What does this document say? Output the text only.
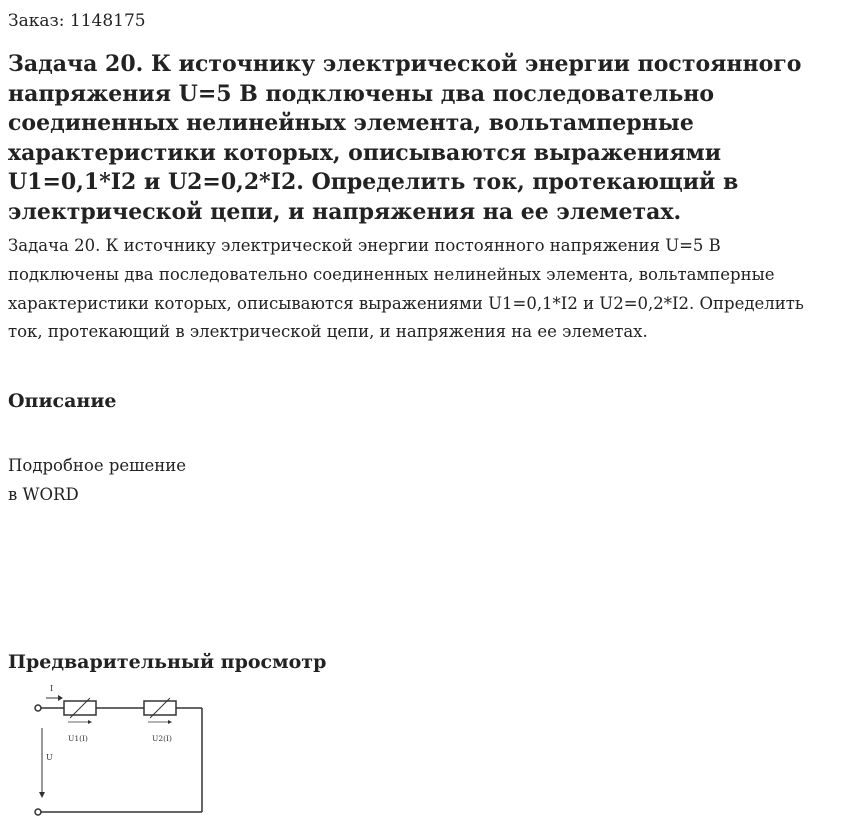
Заказ: 1148175
Задача 20. К источнику электрической энергии постоянного напряжения U=5 В подключены два последовательно соединенных нелинейных элемента, вольтамперные характеристики которых, описываются выражениями U1=0,1*I2 и U2=0,2*I2. Определить ток, протекающий в электрической цепи, и напряжения на ее элеметах.

Задача 20. К источнику электрической энергии постоянного напряжения U=5 В подключены два последовательно соединенных нелинейных элемента, вольтамперные характеристики которых, описываются выражениями U1=0,1*I2 и U2=0,2*I2. Определить ток, протекающий в электрической цепи, и напряжения на ее элеметах.

Описание
Подробное решение
в WORD
Предварительный просмотр
I
U
U1(I)	U2(I)
